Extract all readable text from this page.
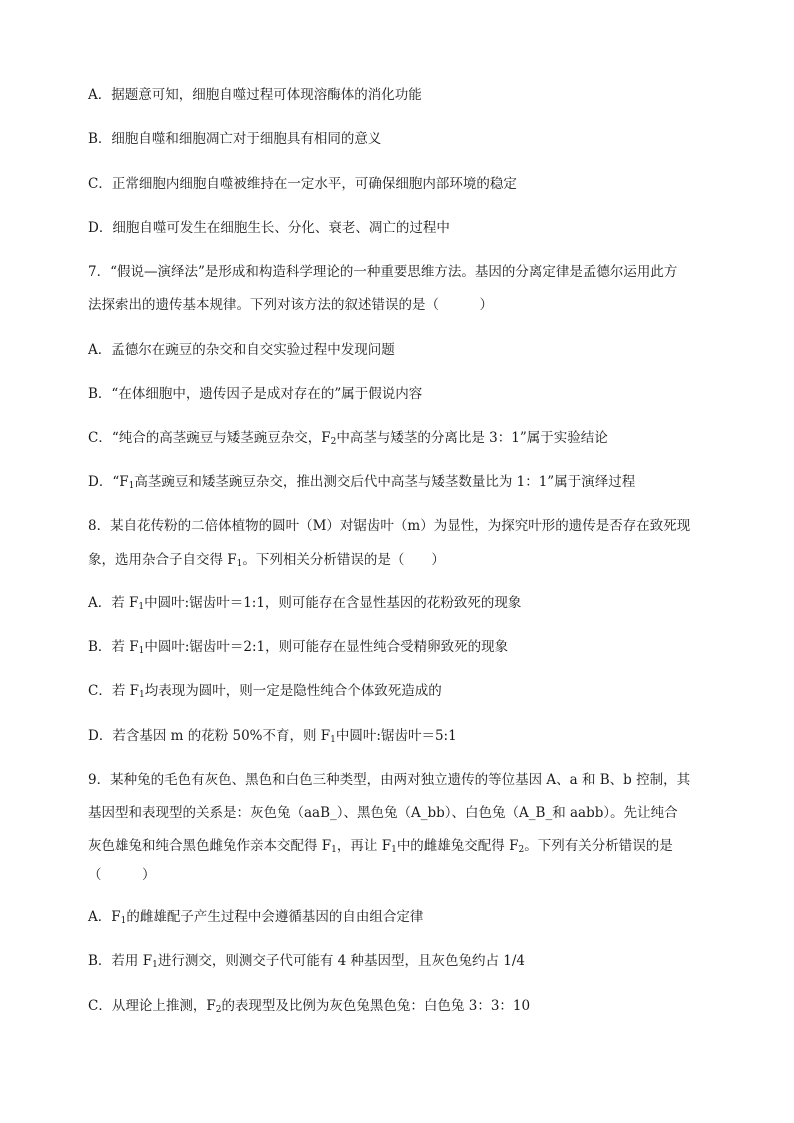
A．据题意可知，细胞自噬过程可体现溶酶体的消化功能
B．细胞自噬和细胞凋亡对于细胞具有相同的意义
C．正常细胞内细胞自噬被维持在一定水平，可确保细胞内部环境的稳定
D．细胞自噬可发生在细胞生长、分化、衰老、凋亡的过程中
7．“假说—演绎法”是形成和构造科学理论的一种重要思维方法。基因的分离定律是孟德尔运用此方
法探索出的遗传基本规律。下列对该方法的叙述错误的是（　　　）
A．孟德尔在豌豆的杂交和自交实验过程中发现问题
B．“在体细胞中，遗传因子是成对存在的”属于假说内容
C．“纯合的高茎豌豆与矮茎豌豆杂交，$F_2$中高茎与矮茎的分离比是 3：1”属于实验结论
D．“$F_1$高茎豌豆和矮茎豌豆杂交，推出测交后代中高茎与矮茎数量比为 1：1”属于演绎过程
8．某自花传粉的二倍体植物的圆叶（M）对锯齿叶（m）为显性，为探究叶形的遗传是否存在致死现
象，选用杂合子自交得 $F_1$。下列相关分析错误的是（　　）
A．若 $F_1$中圆叶:锯齿叶＝1:1，则可能存在含显性基因的花粉致死的现象
B．若 $F_1$中圆叶:锯齿叶＝2:1，则可能存在显性纯合受精卵致死的现象
C．若 $F_1$均表现为圆叶，则一定是隐性纯合个体致死造成的
D．若含基因 m 的花粉 50%不育，则 $F_1$中圆叶:锯齿叶＝5:1
9．某种兔的毛色有灰色、黑色和白色三种类型，由两对独立遗传的等位基因 A、a 和 B、b 控制，其
基因型和表现型的关系是：灰色兔（aaB_）、黑色兔（A_bb）、白色兔（A_B_和 aabb）。先让纯合
灰色雄兔和纯合黑色雌兔作亲本交配得 $F_1$，再让 $F_1$中的雌雄兔交配得 $F_2$。下列有关分析错误的是
（　　　）
A．$F_1$的雌雄配子产生过程中会遵循基因的自由组合定律
B．若用 $F_1$进行测交，则测交子代可能有 4 种基因型，且灰色兔约占 1/4
C．从理论上推测，$F_2$的表现型及比例为灰色兔黑色兔：白色兔 3：3：10
